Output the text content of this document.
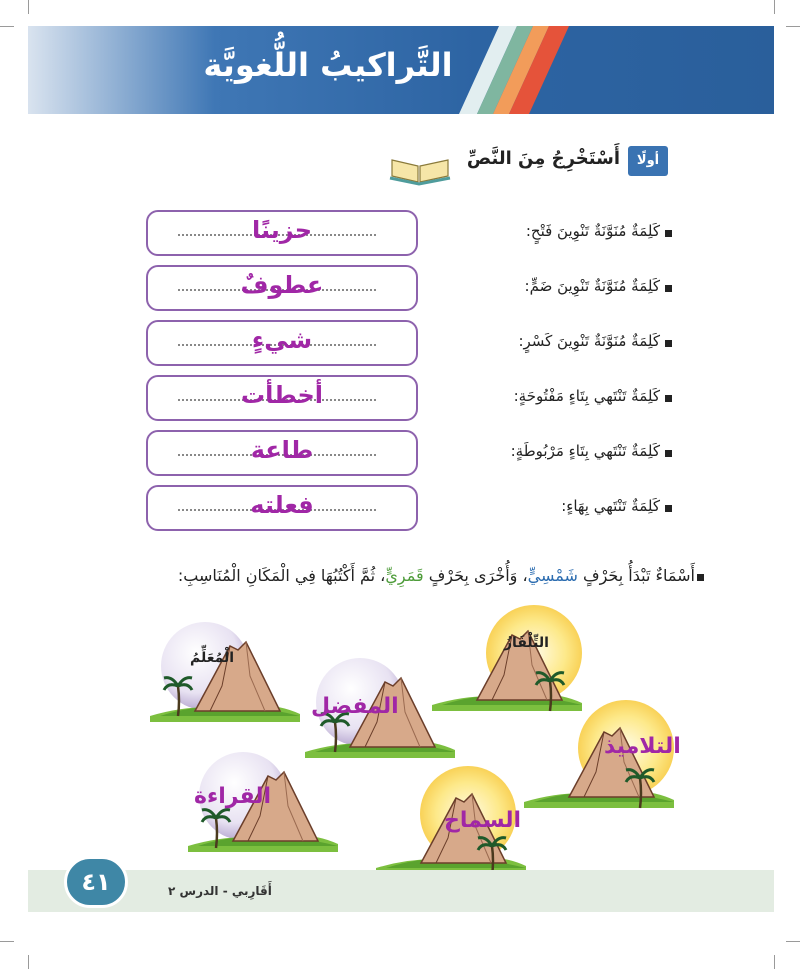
التَّراكيبُ اللُّغويَّة
أولًا
أَسْتَخْرِجُ مِنَ النَّصِّ
كَلِمَةٌ مُنَوَّنَةٌ تَنْوِينَ فَتْحٍ:
حزينًا
كَلِمَةٌ مُنَوَّنَةٌ تَنْوِينَ ضَمٍّ:
عطوفٌ
كَلِمَةٌ مُنَوَّنَةٌ تَنْوِينَ كَسْرٍ:
شيءٍ
كَلِمَةٌ تَنْتَهي بِتَاءٍ مَفْتُوحَةٍ:
أخطأت
كَلِمَةٌ تَنْتَهي بِتَاءٍ مَرْبُوطَةٍ:
طاعة
كَلِمَةٌ تَنْتَهي بِهَاءٍ:
فعلته
أَسْمَاءٌ تَبْدَأُ بِحَرْفٍ شَمْسِيٍّ، وَأُخْرَى بِحَرْفٍ قَمَرِيٍّ، ثُمَّ أَكْتُبُهَا فِي الْمَكَانِ الْمُنَاسِبِ:
الْمُعَلِّمُ
التِّلْفَازُ
المفضل
التلاميذ
القراءة
السماح
٤١	أَقَارِبي - الدرس ٢
